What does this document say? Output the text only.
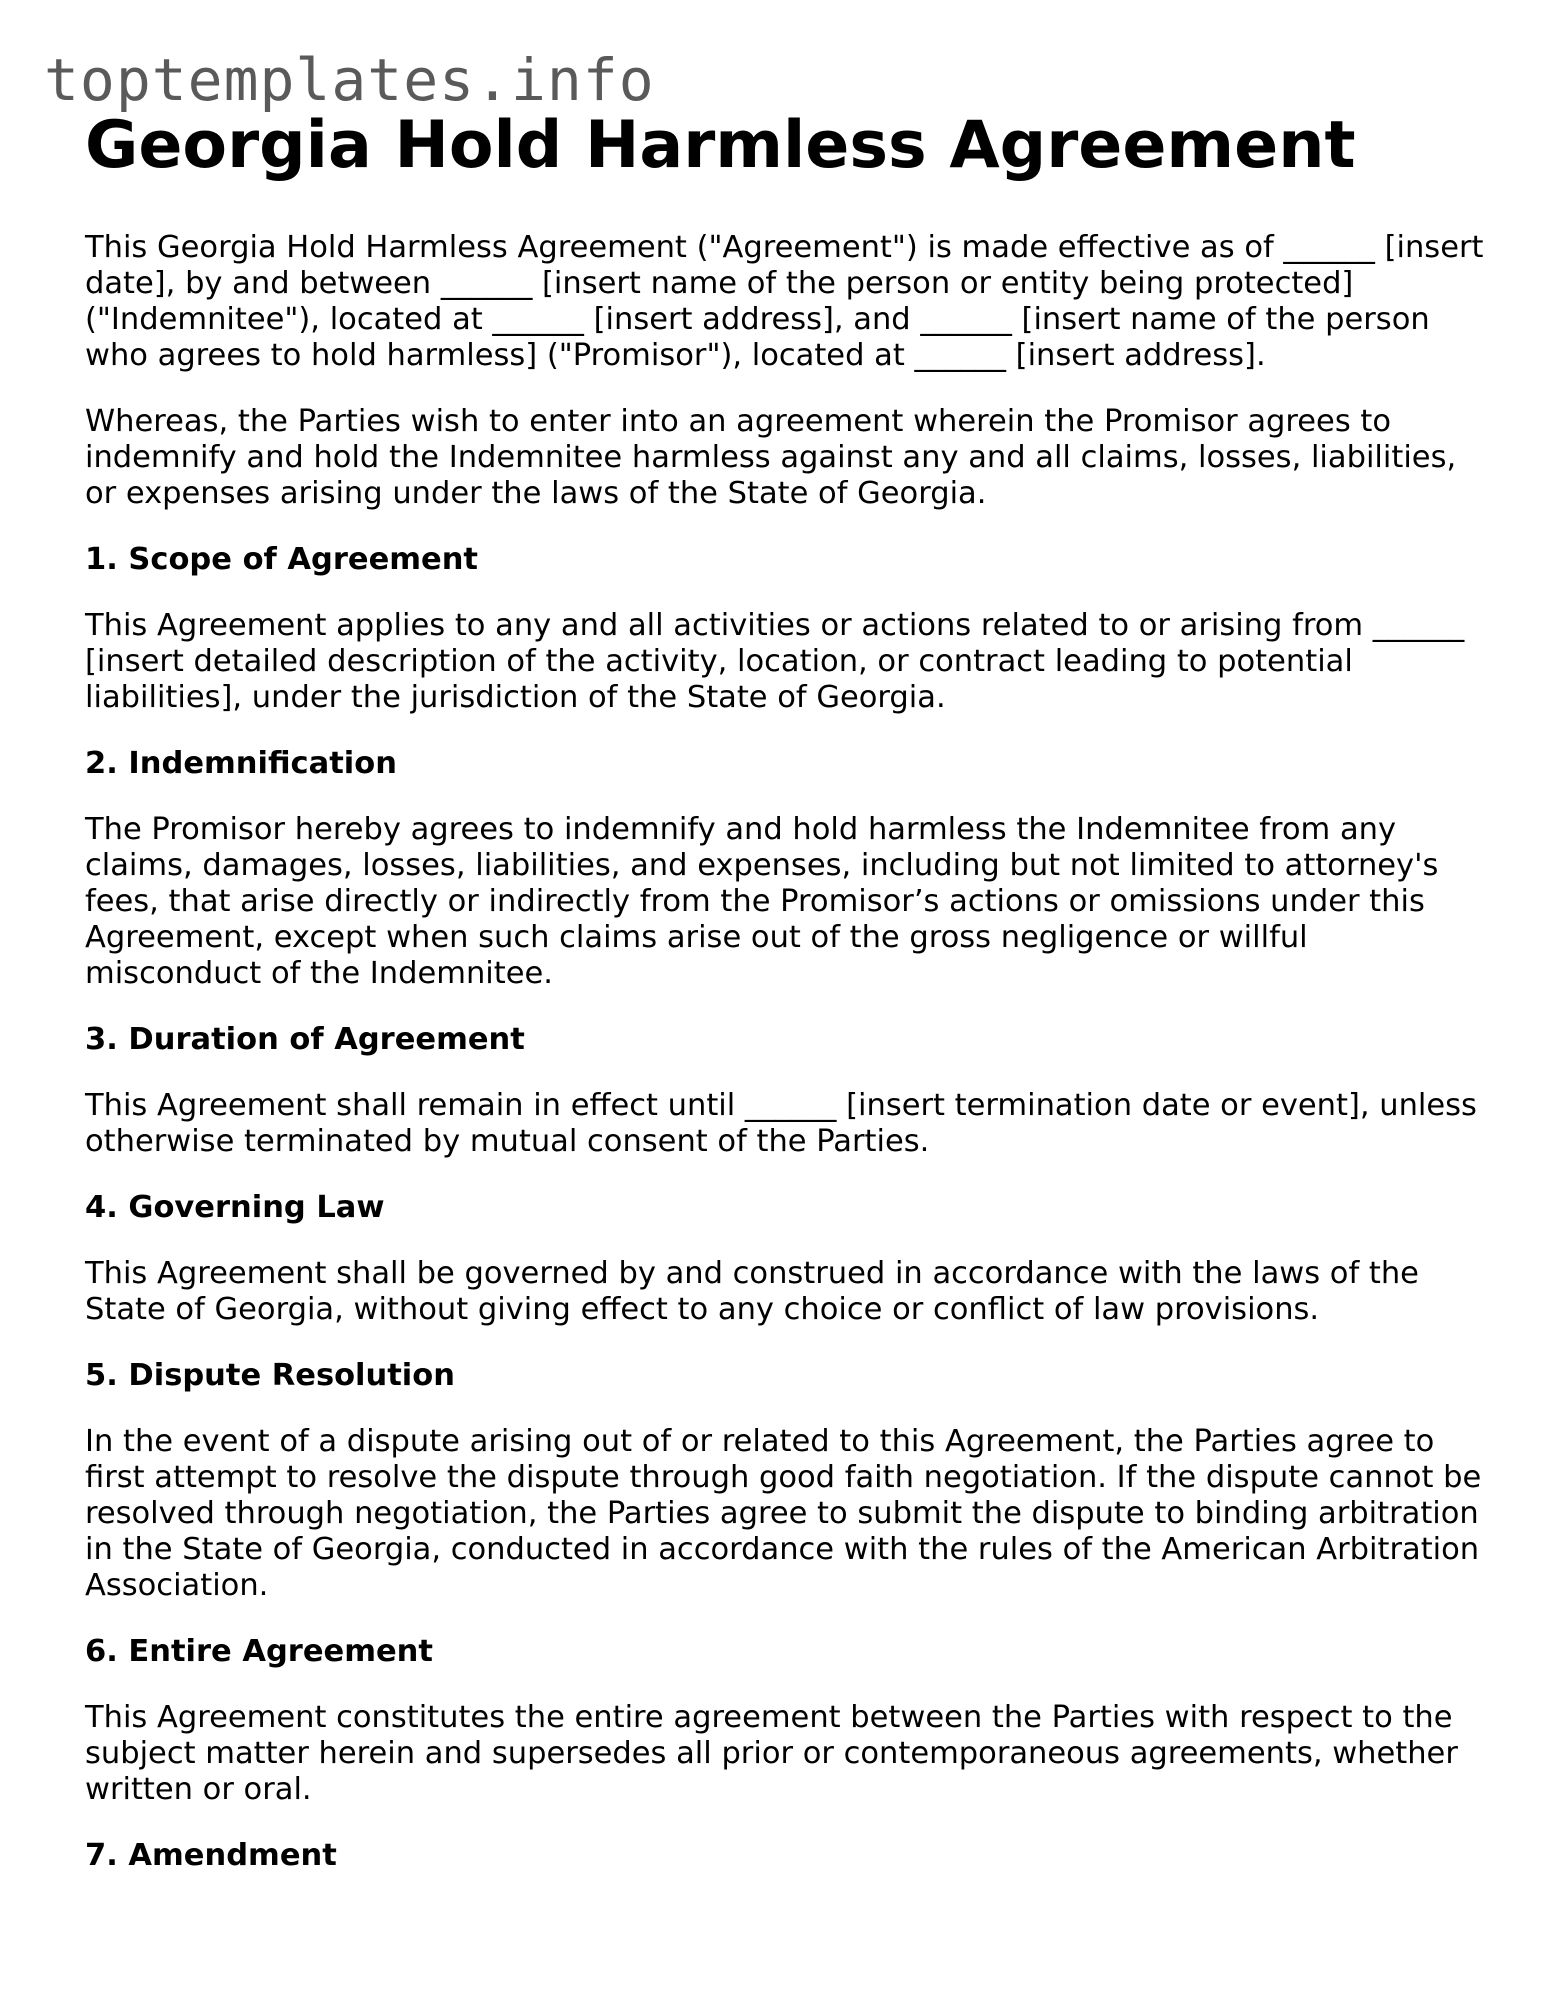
toptemplates.info
Georgia Hold Harmless Agreement

This Georgia Hold Harmless Agreement ("Agreement") is made effective as of ______ [insert date], by and between ______ [insert name of the person or entity being protected] ("Indemnitee"), located at ______ [insert address], and ______ [insert name of the person who agrees to hold harmless] ("Promisor"), located at ______ [insert address].

Whereas, the Parties wish to enter into an agreement wherein the Promisor agrees to indemnify and hold the Indemnitee harmless against any and all claims, losses, liabilities, or expenses arising under the laws of the State of Georgia.

1. Scope of Agreement

This Agreement applies to any and all activities or actions related to or arising from ______ [insert detailed description of the activity, location, or contract leading to potential liabilities], under the jurisdiction of the State of Georgia.

2. Indemnification

The Promisor hereby agrees to indemnify and hold harmless the Indemnitee from any claims, damages, losses, liabilities, and expenses, including but not limited to attorney's fees, that arise directly or indirectly from the Promisor’s actions or omissions under this Agreement, except when such claims arise out of the gross negligence or willful misconduct of the Indemnitee.

3. Duration of Agreement

This Agreement shall remain in effect until ______ [insert termination date or event], unless otherwise terminated by mutual consent of the Parties.

4. Governing Law

This Agreement shall be governed by and construed in accordance with the laws of the State of Georgia, without giving effect to any choice or conflict of law provisions.

5. Dispute Resolution

In the event of a dispute arising out of or related to this Agreement, the Parties agree to first attempt to resolve the dispute through good faith negotiation. If the dispute cannot be resolved through negotiation, the Parties agree to submit the dispute to binding arbitration in the State of Georgia, conducted in accordance with the rules of the American Arbitration Association.

6. Entire Agreement

This Agreement constitutes the entire agreement between the Parties with respect to the subject matter herein and supersedes all prior or contemporaneous agreements, whether written or oral.

7. Amendment
